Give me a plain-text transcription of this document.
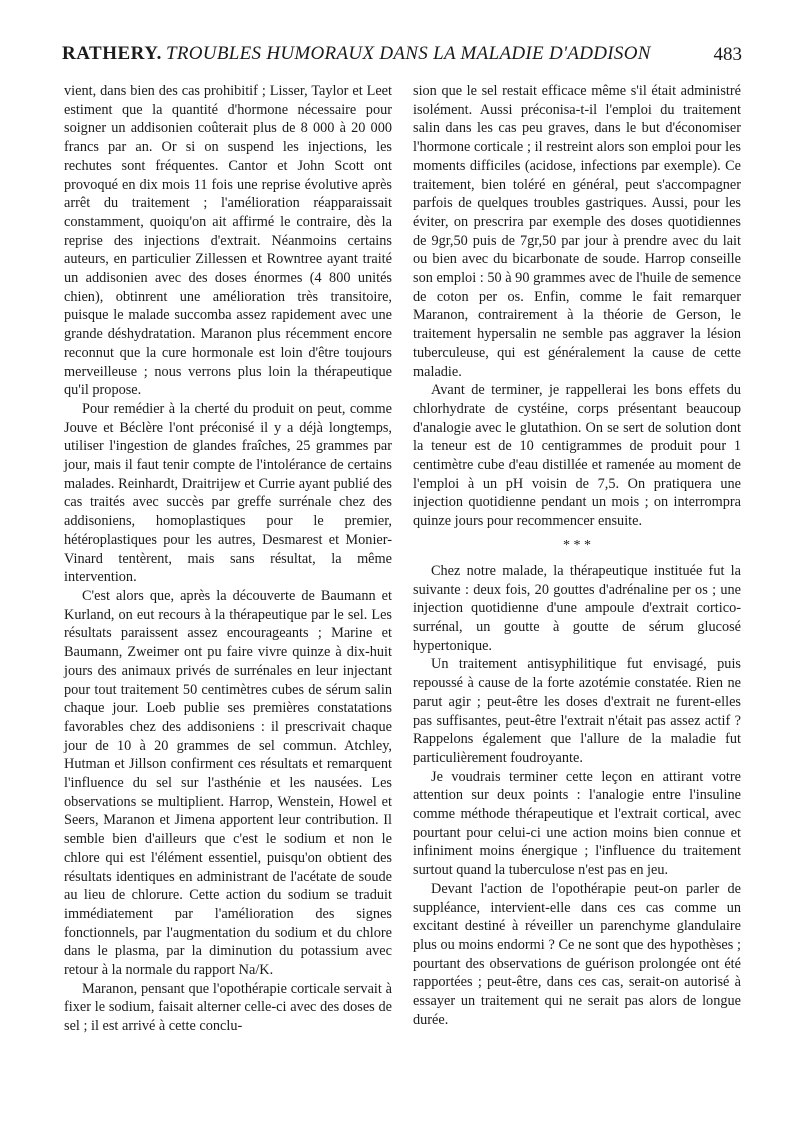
RATHERY. TROUBLES HUMORAUX DANS LA MALADIE D'ADDISON	483

vient, dans bien des cas prohibitif ; Lisser, Taylor et Leet estiment que la quantité d'hormone nécessaire pour soigner un addisonien coûterait plus de 8 000 à 20 000 francs par an. Or si on suspend les injections, les rechutes sont fréquentes. Cantor et John Scott ont provoqué en dix mois 11 fois une reprise évolutive après arrêt du traitement ; l'amélioration réapparaissait constamment, quoiqu'on ait affirmé le contraire, dès la reprise des injections d'extrait. Néanmoins certains auteurs, en particulier Zillessen et Rowntree ayant traité un addisonien avec des doses énormes (4 800 unités chien), obtinrent une amélioration très transitoire, puisque le malade succomba assez rapidement avec une grande déshydratation. Maranon plus récemment encore reconnut que la cure hormonale est loin d'être toujours merveilleuse ; nous verrons plus loin la thérapeutique qu'il propose.

Pour remédier à la cherté du produit on peut, comme Jouve et Béclère l'ont préconisé il y a déjà longtemps, utiliser l'ingestion de glandes fraîches, 25 grammes par jour, mais il faut tenir compte de l'intolérance de certains malades. Reinhardt, Draitrijew et Currie ayant publié des cas traités avec succès par greffe surrénale chez des addisoniens, homoplastiques pour le premier, hétéroplastiques pour les autres, Desmarest et Monier-Vinard tentèrent, mais sans résultat, la même intervention.

C'est alors que, après la découverte de Baumann et Kurland, on eut recours à la thérapeutique par le sel. Les résultats paraissent assez encourageants ; Marine et Baumann, Zweimer ont pu faire vivre quinze à dix-huit jours des animaux privés de surrénales en leur injectant pour tout traitement 50 centimètres cubes de sérum salin chaque jour. Loeb publie ses premières constatations favorables chez des addisoniens : il prescrivait chaque jour de 10 à 20 grammes de sel commun. Atchley, Hutman et Jillson confirment ces résultats et remarquent l'influence du sel sur l'asthénie et les nausées. Les observations se multiplient. Harrop, Wenstein, Howel et Seers, Maranon et Jimena apportent leur contribution. Il semble bien d'ailleurs que c'est le sodium et non le chlore qui est l'élément essentiel, puisqu'on obtient des résultats identiques en administrant de l'acétate de soude au lieu de chlorure. Cette action du sodium se traduit immédiatement par l'amélioration des signes fonctionnels, par l'augmentation du sodium et du chlore dans le plasma, par la diminution du potassium avec retour à la normale du rapport Na/K.

Maranon, pensant que l'opothérapie corticale servait à fixer le sodium, faisait alterner celle-ci avec des doses de sel ; il est arrivé à cette conclu-

sion que le sel restait efficace même s'il était administré isolément. Aussi préconisa-t-il l'emploi du traitement salin dans les cas peu graves, dans le but d'économiser l'hormone corticale ; il restreint alors son emploi pour les moments difficiles (acidose, infections par exemple). Ce traitement, bien toléré en général, peut s'accompagner parfois de quelques troubles gastriques. Aussi, pour les éviter, on prescrira par exemple des doses quotidiennes de 9gr,50 puis de 7gr,50 par jour à prendre avec du lait ou bien avec du bicarbonate de soude. Harrop conseille son emploi : 50 à 90 grammes avec de l'huile de semence de coton per os. Enfin, comme le fait remarquer Maranon, contrairement à la théorie de Gerson, le traitement hypersalin ne semble pas aggraver la lésion tuberculeuse, qui est généralement la cause de cette maladie.

Avant de terminer, je rappellerai les bons effets du chlorhydrate de cystéine, corps présentant beaucoup d'analogie avec le glutathion. On se sert de solution dont la teneur est de 10 centigrammes de produit pour 1 centimètre cube d'eau distillée et ramenée au moment de l'emploi à un pH voisin de 7,5. On pratiquera une injection quotidienne pendant un mois ; on interrompra quinze jours pour recommencer ensuite.

* * *

Chez notre malade, la thérapeutique instituée fut la suivante : deux fois, 20 gouttes d'adrénaline per os ; une injection quotidienne d'une ampoule d'extrait cortico-surrénal, un goutte à goutte de sérum glucosé hypertonique.

Un traitement antisyphilitique fut envisagé, puis repoussé à cause de la forte azotémie constatée. Rien ne parut agir ; peut-être les doses d'extrait ne furent-elles pas suffisantes, peut-être l'extrait n'était pas assez actif ? Rappelons également que l'allure de la maladie fut particulièrement foudroyante.

Je voudrais terminer cette leçon en attirant votre attention sur deux points : l'analogie entre l'insuline comme méthode thérapeutique et l'extrait cortical, avec pourtant pour celui-ci une action moins bien connue et infiniment moins énergique ; l'influence du traitement surtout quand la tuberculose n'est pas en jeu.

Devant l'action de l'opothérapie peut-on parler de suppléance, intervient-elle dans ces cas comme un excitant destiné à réveiller un parenchyme glandulaire plus ou moins endormi ? Ce ne sont que des hypothèses ; pourtant des observations de guérison prolongée ont été rapportées ; peut-être, dans ces cas, serait-on autorisé à essayer un traitement qui ne serait pas alors de longue durée.
